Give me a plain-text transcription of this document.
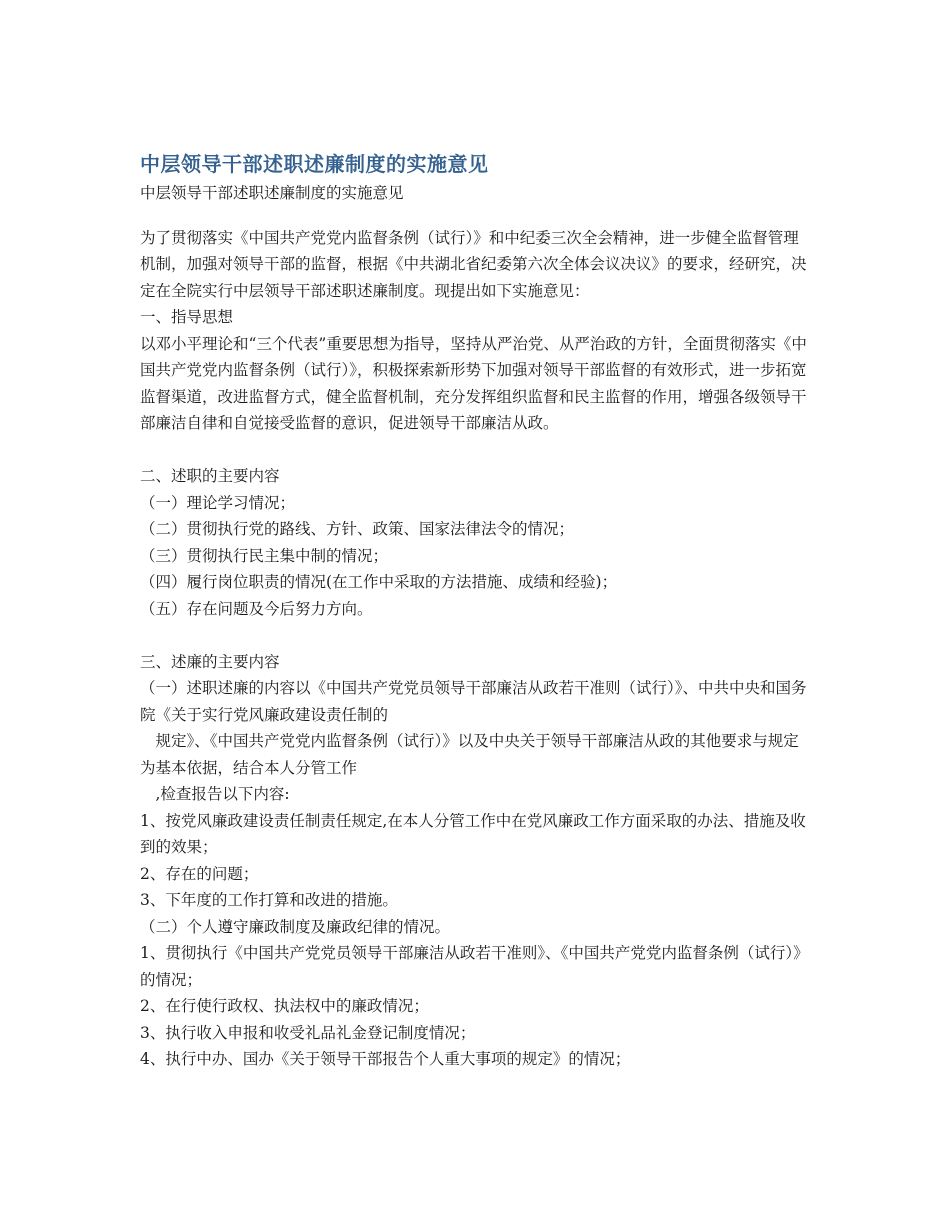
中层领导干部述职述廉制度的实施意见

中层领导干部述职述廉制度的实施意见

为了贯彻落实《中国共产党党内监督条例（试行）》和中纪委三次全会精神，进一步健全监督管理机制，加强对领导干部的监督，根据《中共湖北省纪委第六次全体会议决议》的要求，经研究，决定在全院实行中层领导干部述职述廉制度。现提出如下实施意见：

一、指导思想

以邓小平理论和“三个代表”重要思想为指导，坚持从严治党、从严治政的方针，全面贯彻落实《中国共产党党内监督条例（试行）》，积极探索新形势下加强对领导干部监督的有效形式，进一步拓宽监督渠道，改进监督方式，健全监督机制，充分发挥组织监督和民主监督的作用，增强各级领导干部廉洁自律和自觉接受监督的意识，促进领导干部廉洁从政。

二、述职的主要内容

（一）理论学习情况；

（二）贯彻执行党的路线、方针、政策、国家法律法令的情况；

（三）贯彻执行民主集中制的情况；

（四）履行岗位职责的情况(在工作中采取的方法措施、成绩和经验)；

（五）存在问题及今后努力方向。

三、述廉的主要内容

（一）述职述廉的内容以《中国共产党党员领导干部廉洁从政若干准则（试行）》、中共中央和国务院《关于实行党风廉政建设责任制的

　规定》、《中国共产党党内监督条例（试行）》以及中央关于领导干部廉洁从政的其他要求与规定为基本依据，结合本人分管工作

　,检查报告以下内容:

1、按党风廉政建设责任制责任规定,在本人分管工作中在党风廉政工作方面采取的办法、措施及收到的效果；

2、存在的问题；

3、下年度的工作打算和改进的措施。

（二）个人遵守廉政制度及廉政纪律的情况。

1、贯彻执行《中国共产党党员领导干部廉洁从政若干准则》、《中国共产党党内监督条例（试行）》的情况；

2、在行使行政权、执法权中的廉政情况；

3、执行收入申报和收受礼品礼金登记制度情况；

4、执行中办、国办《关于领导干部报告个人重大事项的规定》的情况；
